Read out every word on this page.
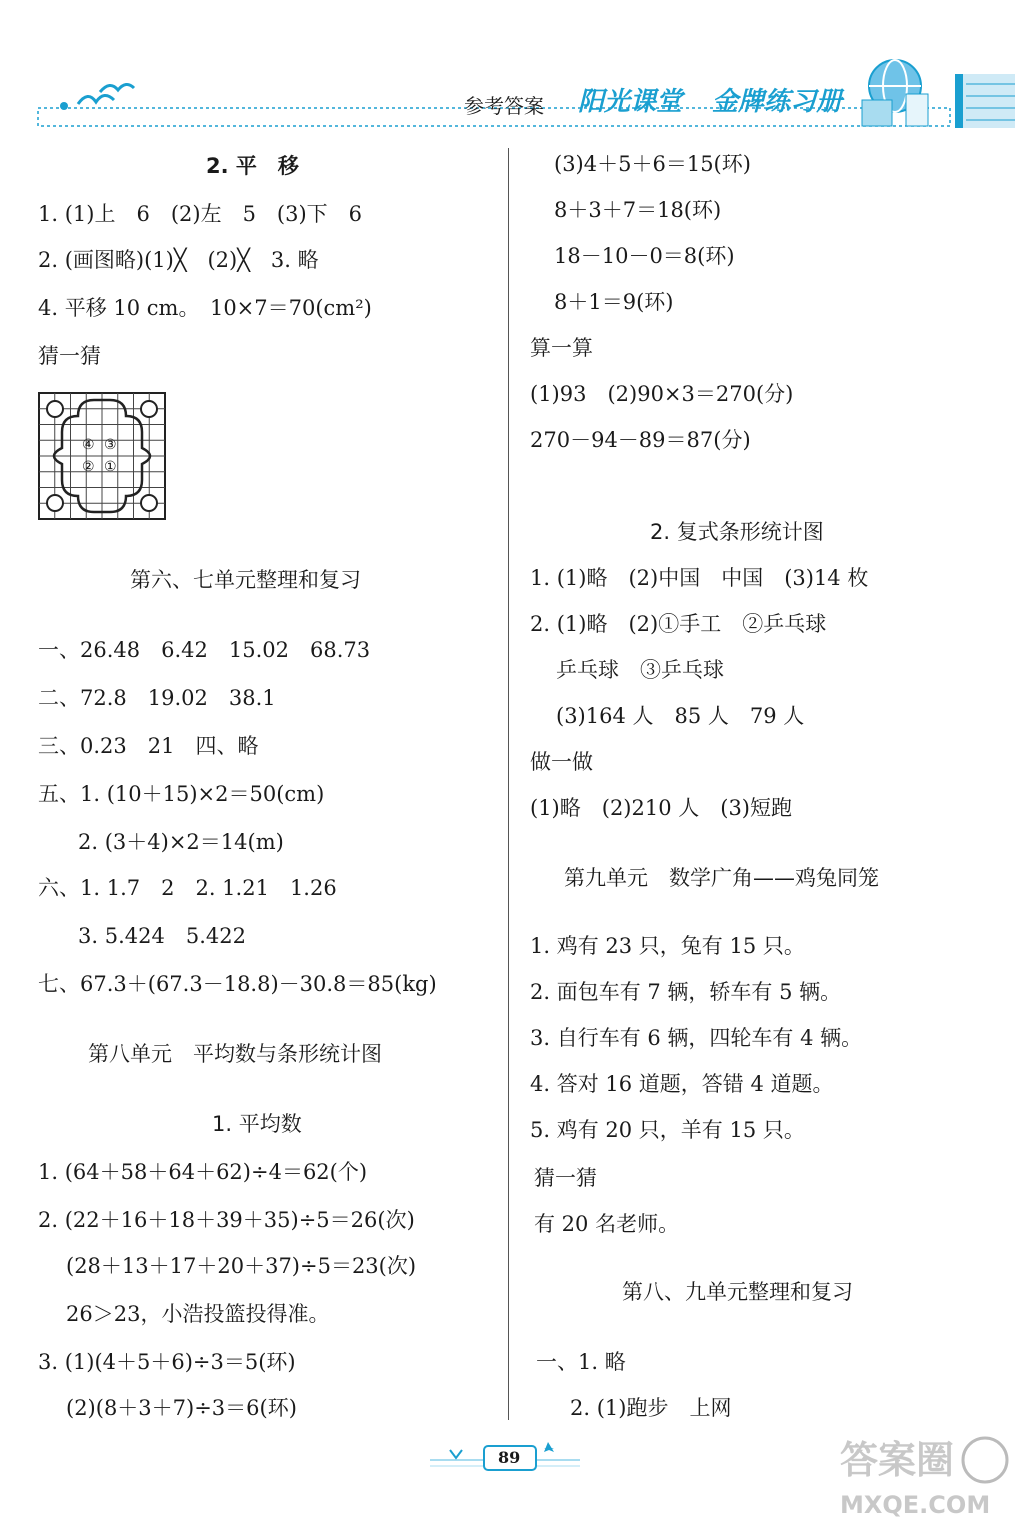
参考答案 阳光课堂 金牌练习册
2. 平　移
1. (1)上　6　(2)左　5　(3)下　6
2. (画图略)(1)╳　(2)╳　3. 略
4. 平移 10 cm。　10×7＝70(cm²)
猜一猜
④ ③
② ①
第六、七单元整理和复习
一、26.48　6.42　15.02　68.73
二、72.8　19.02　38.1
三、0.23　21　四、略
五、1. (10＋15)×2＝50(cm)
2. (3＋4)×2＝14(m)
六、1. 1.7　2　2. 1.21　1.26
3. 5.424　5.422
七、67.3＋(67.3－18.8)－30.8＝85(kg)
第八单元　平均数与条形统计图
1. 平均数
1. (64＋58＋64＋62)÷4＝62(个)
2. (22＋16＋18＋39＋35)÷5＝26(次)
(28＋13＋17＋20＋37)÷5＝23(次)
26＞23，小浩投篮投得准。
3. (1)(4＋5＋6)÷3＝5(环)
(2)(8＋3＋7)÷3＝6(环)
(3)4＋5＋6＝15(环)
8＋3＋7＝18(环)
18－10－0＝8(环)
8＋1＝9(环)
算一算
(1)93　(2)90×3＝270(分)
270－94－89＝87(分)
2. 复式条形统计图
1. (1)略　(2)中国　中国　(3)14 枚
2. (1)略　(2)①手工　②乒乓球
乒乓球　③乒乓球
(3)164 人　85 人　79 人
做一做
(1)略　(2)210 人　(3)短跑
第九单元　数学广角——鸡兔同笼
1. 鸡有 23 只，兔有 15 只。
2. 面包车有 7 辆，轿车有 5 辆。
3. 自行车有 6 辆，四轮车有 4 辆。
4. 答对 16 道题，答错 4 道题。
5. 鸡有 20 只，羊有 15 只。
猜一猜
有 20 名老师。
第八、九单元整理和复习
一、1. 略
2. (1)跑步　上网
89	答案圈
MXQE.COM
